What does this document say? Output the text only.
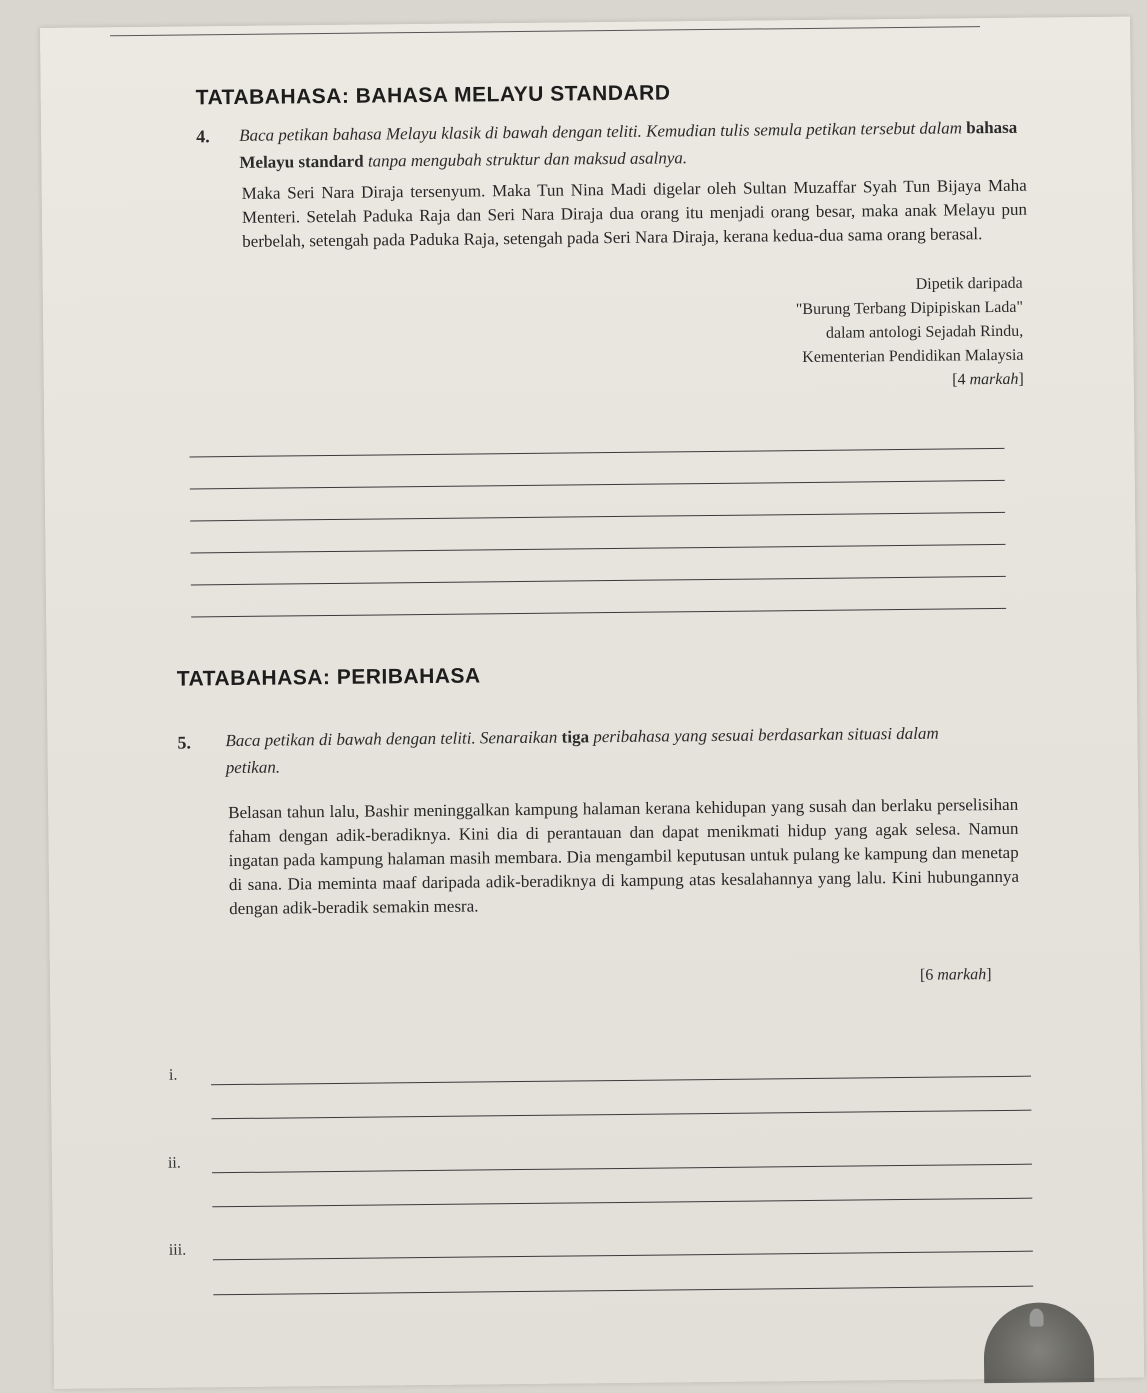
TATABAHASA: BAHASA MELAYU STANDARD
4. Baca petikan bahasa Melayu klasik di bawah dengan teliti. Kemudian tulis semula petikan tersebut dalam bahasa Melayu standard tanpa mengubah struktur dan maksud asalnya.
Maka Seri Nara Diraja tersenyum. Maka Tun Nina Madi digelar oleh Sultan Muzaffar Syah Tun Bijaya Maha Menteri. Setelah Paduka Raja dan Seri Nara Diraja dua orang itu menjadi orang besar, maka anak Melayu pun berbelah, setengah pada Paduka Raja, setengah pada Seri Nara Diraja, kerana kedua-dua sama orang berasal.
Dipetik daripada
"Burung Terbang Dipipiskan Lada"
dalam antologi Sejadah Rindu,
Kementerian Pendidikan Malaysia
[4 markah]
TATABAHASA: PERIBAHASA
5. Baca petikan di bawah dengan teliti. Senaraikan tiga peribahasa yang sesuai berdasarkan situasi dalam petikan.
Belasan tahun lalu, Bashir meninggalkan kampung halaman kerana kehidupan yang susah dan berlaku perselisihan faham dengan adik-beradiknya. Kini dia di perantauan dan dapat menikmati hidup yang agak selesa. Namun ingatan pada kampung halaman masih membara. Dia mengambil keputusan untuk pulang ke kampung dan menetap di sana. Dia meminta maaf daripada adik-beradiknya di kampung atas kesalahannya yang lalu. Kini hubungannya dengan adik-beradik semakin mesra.
[6 markah]
i.
ii.
iii.
